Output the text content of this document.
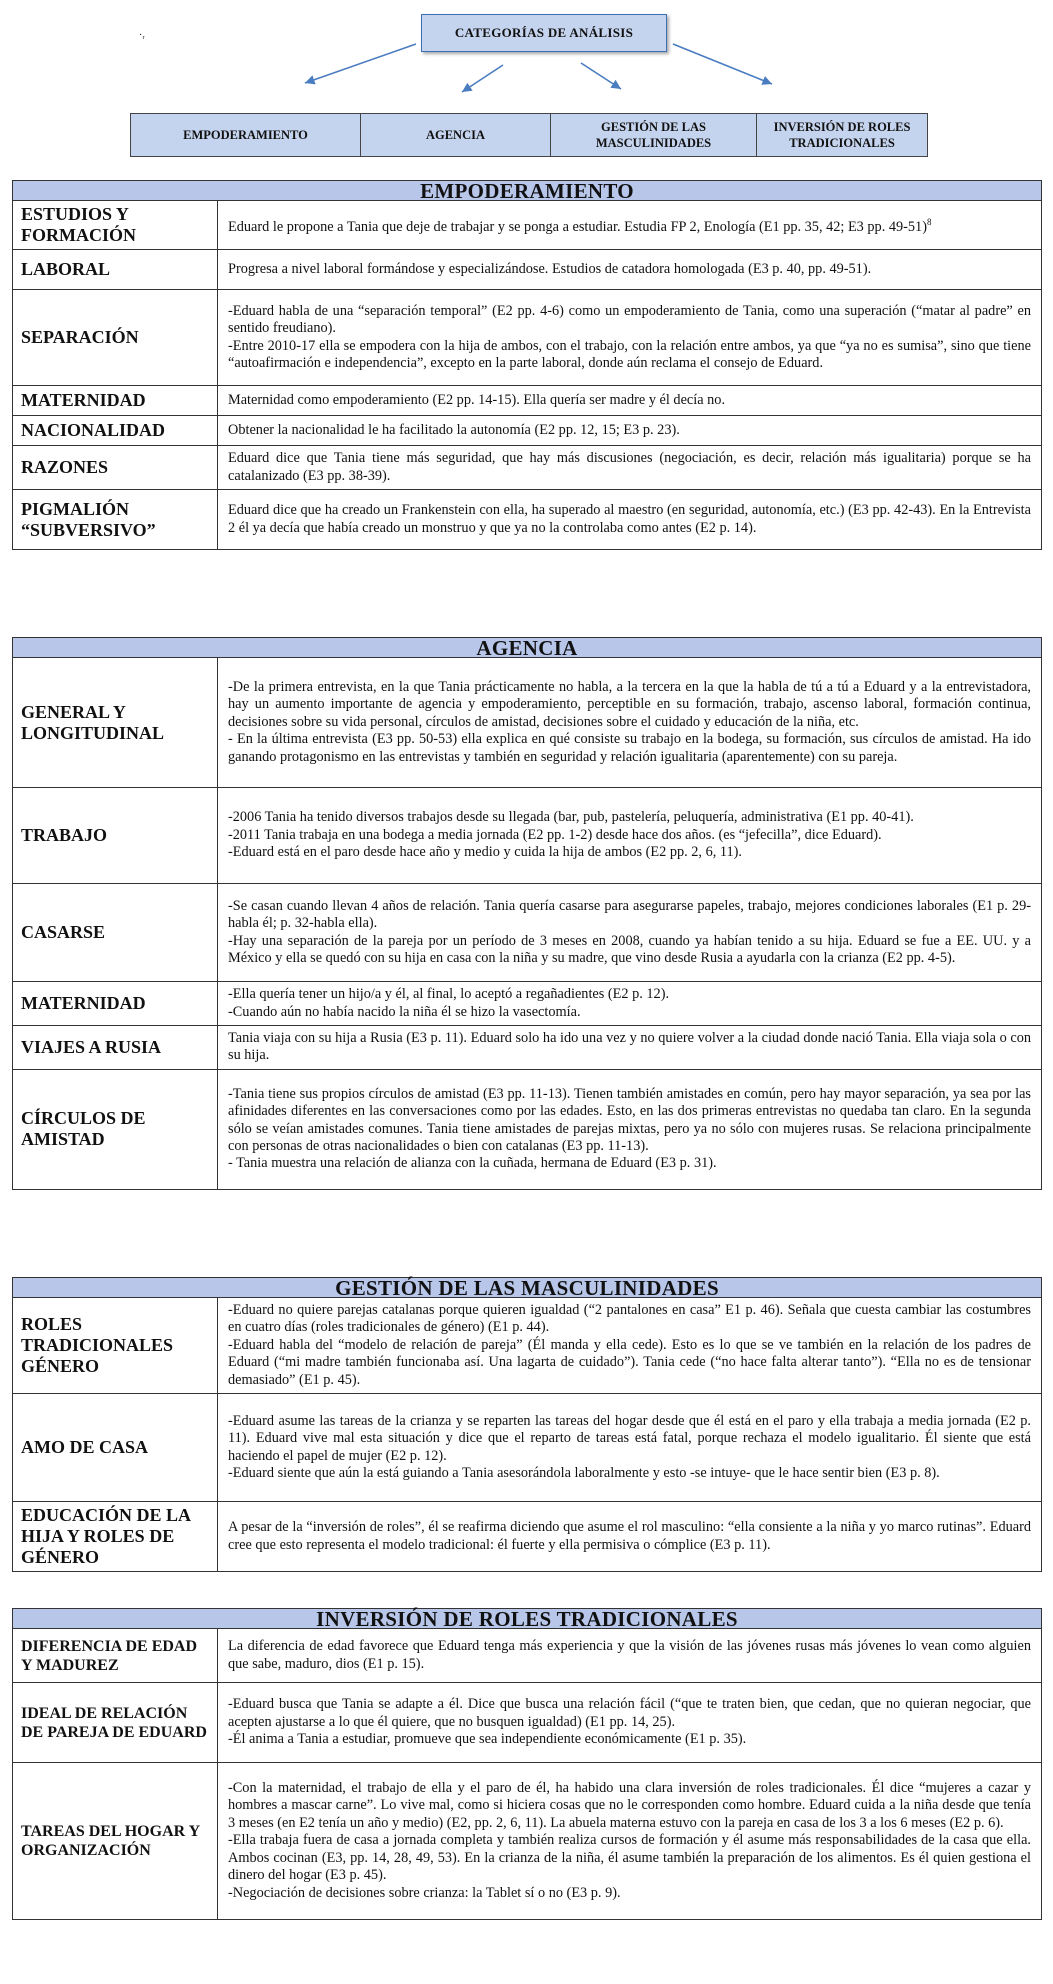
·ᵣ	CATEGORÍAS DE ANÁLISIS
EMPODERAMIENTO	AGENCIA
GESTIÓN DE LAS
MASCULINIDADES
INVERSIÓN DE ROLES
TRADICIONALES
EMPODERAMIENTO
ESTUDIOS Y FORMACIÓN	Eduard le propone a Tania que deje de trabajar y se ponga a estudiar. Estudia FP 2, Enología (E1 pp. 35, 42; E3 pp. 49-51)$^8$

LABORAL	Progresa a nivel laboral formándose y especializándose. Estudios de catadora homologada (E3 p. 40, pp. 49-51).

SEPARACIÓN	-Eduard habla de una “separación temporal” (E2 pp. 4-6) como un empoderamiento de Tania, como una superación (“matar al padre” en sentido freudiano).
-Entre 2010-17 ella se empodera con la hija de ambos, con el trabajo, con la relación entre ambos, ya que “ya no es sumisa”, sino que tiene “autoafirmación e independencia”, excepto en la parte laboral, donde aún reclama el consejo de Eduard.

MATERNIDAD	Maternidad como empoderamiento (E2 pp. 14-15). Ella quería ser madre y él decía no.

NACIONALIDAD	Obtener la nacionalidad le ha facilitado la autonomía (E2 pp. 12, 15; E3 p. 23).

RAZONES	Eduard dice que Tania tiene más seguridad, que hay más discusiones (negociación, es decir, relación más igualitaria) porque se ha catalanizado (E3 pp. 38-39).

PIGMALIÓN “SUBVERSIVO”	Eduard dice que ha creado un Frankenstein con ella, ha superado al maestro (en seguridad, autonomía, etc.) (E3 pp. 42-43). En la Entrevista 2 él ya decía que había creado un monstruo y que ya no la controlaba como antes (E2 p. 14).
AGENCIA
GENERAL Y LONGITUDINAL	-De la primera entrevista, en la que Tania prácticamente no habla, a la tercera en la que la habla de tú a tú a Eduard y a la entrevistadora, hay un aumento importante de agencia y empoderamiento, perceptible en su formación, trabajo, ascenso laboral, formación continua, decisiones sobre su vida personal, círculos de amistad, decisiones sobre el cuidado y educación de la niña, etc.
- En la última entrevista (E3 pp. 50-53) ella explica en qué consiste su trabajo en la bodega, su formación, sus círculos de amistad. Ha ido ganando protagonismo en las entrevistas y también en seguridad y relación igualitaria (aparentemente) con su pareja.

TRABAJO	-2006 Tania ha tenido diversos trabajos desde su llegada (bar, pub, pastelería, peluquería, administrativa (E1 pp. 40-41).
-2011 Tania trabaja en una bodega a media jornada (E2 pp. 1-2) desde hace dos años. (es “jefecilla”, dice Eduard).
-Eduard está en el paro desde hace año y medio y cuida la hija de ambos (E2 pp. 2, 6, 11).

CASARSE	-Se casan cuando llevan 4 años de relación. Tania quería casarse para asegurarse papeles, trabajo, mejores condiciones laborales (E1 p. 29-habla él; p. 32-habla ella).
-Hay una separación de la pareja por un período de 3 meses en 2008, cuando ya habían tenido a su hija. Eduard se fue a EE. UU. y a México y ella se quedó con su hija en casa con la niña y su madre, que vino desde Rusia a ayudarla con la crianza (E2 pp. 4-5).

MATERNIDAD	-Ella quería tener un hijo/a y él, al final, lo aceptó a regañadientes (E2 p. 12).
-Cuando aún no había nacido la niña él se hizo la vasectomía.

VIAJES A RUSIA	Tania viaja con su hija a Rusia (E3 p. 11). Eduard solo ha ido una vez y no quiere volver a la ciudad donde nació Tania. Ella viaja sola o con su hija.

CÍRCULOS DE AMISTAD	-Tania tiene sus propios círculos de amistad (E3 pp. 11-13). Tienen también amistades en común, pero hay mayor separación, ya sea por las afinidades diferentes en las conversaciones como por las edades. Esto, en las dos primeras entrevistas no quedaba tan claro. En la segunda sólo se veían amistades comunes. Tania tiene amistades de parejas mixtas, pero ya no sólo con mujeres rusas. Se relaciona principalmente con personas de otras nacionalidades o bien con catalanas (E3 pp. 11-13).
- Tania muestra una relación de alianza con la cuñada, hermana de Eduard (E3 p. 31).
GESTIÓN DE LAS MASCULINIDADES
ROLES TRADICIONALES GÉNERO	-Eduard no quiere parejas catalanas porque quieren igualdad (“2 pantalones en casa” E1 p. 46). Señala que cuesta cambiar las costumbres en cuatro días (roles tradicionales de género) (E1 p. 44).
-Eduard habla del “modelo de relación de pareja” (Él manda y ella cede). Esto es lo que se ve también en la relación de los padres de Eduard (“mi madre también funcionaba así. Una lagarta de cuidado”). Tania cede (“no hace falta alterar tanto”). “Ella no es de tensionar demasiado” (E1 p. 45).

AMO DE CASA	-Eduard asume las tareas de la crianza y se reparten las tareas del hogar desde que él está en el paro y ella trabaja a media jornada (E2 p. 11). Eduard vive mal esta situación y dice que el reparto de tareas está fatal, porque rechaza el modelo igualitario. Él siente que está haciendo el papel de mujer (E2 p. 12).
-Eduard siente que aún la está guiando a Tania asesorándola laboralmente y esto -se intuye- que le hace sentir bien (E3 p. 8).

EDUCACIÓN DE LA HIJA Y ROLES DE GÉNERO	A pesar de la “inversión de roles”, él se reafirma diciendo que asume el rol masculino: “ella consiente a la niña y yo marco rutinas”. Eduard cree que esto representa el modelo tradicional: él fuerte y ella permisiva o cómplice (E3 p. 11).
INVERSIÓN DE ROLES TRADICIONALES
DIFERENCIA DE EDAD Y MADUREZ	La diferencia de edad favorece que Eduard tenga más experiencia y que la visión de las jóvenes rusas más jóvenes lo vean como alguien que sabe, maduro, dios (E1 p. 15).

IDEAL DE RELACIÓN DE PAREJA DE EDUARD	-Eduard busca que Tania se adapte a él. Dice que busca una relación fácil (“que te traten bien, que cedan, que no quieran negociar, que acepten ajustarse a lo que él quiere, que no busquen igualdad) (E1 pp. 14, 25).
-Él anima a Tania a estudiar, promueve que sea independiente económicamente (E1 p. 35).

TAREAS DEL HOGAR Y ORGANIZACIÓN	-Con la maternidad, el trabajo de ella y el paro de él, ha habido una clara inversión de roles tradicionales. Él dice “mujeres a cazar y hombres a mascar carne”. Lo vive mal, como si hiciera cosas que no le corresponden como hombre. Eduard cuida a la niña desde que tenía 3 meses (en E2 tenía un año y medio) (E2, pp. 2, 6, 11). La abuela materna estuvo con la pareja en casa de los 3 a los 6 meses (E2 p. 6).
-Ella trabaja fuera de casa a jornada completa y también realiza cursos de formación y él asume más responsabilidades de la casa que ella. Ambos cocinan (E3, pp. 14, 28, 49, 53). En la crianza de la niña, él asume también la preparación de los alimentos. Es él quien gestiona el dinero del hogar (E3 p. 45).
-Negociación de decisiones sobre crianza: la Tablet sí o no (E3 p. 9).
